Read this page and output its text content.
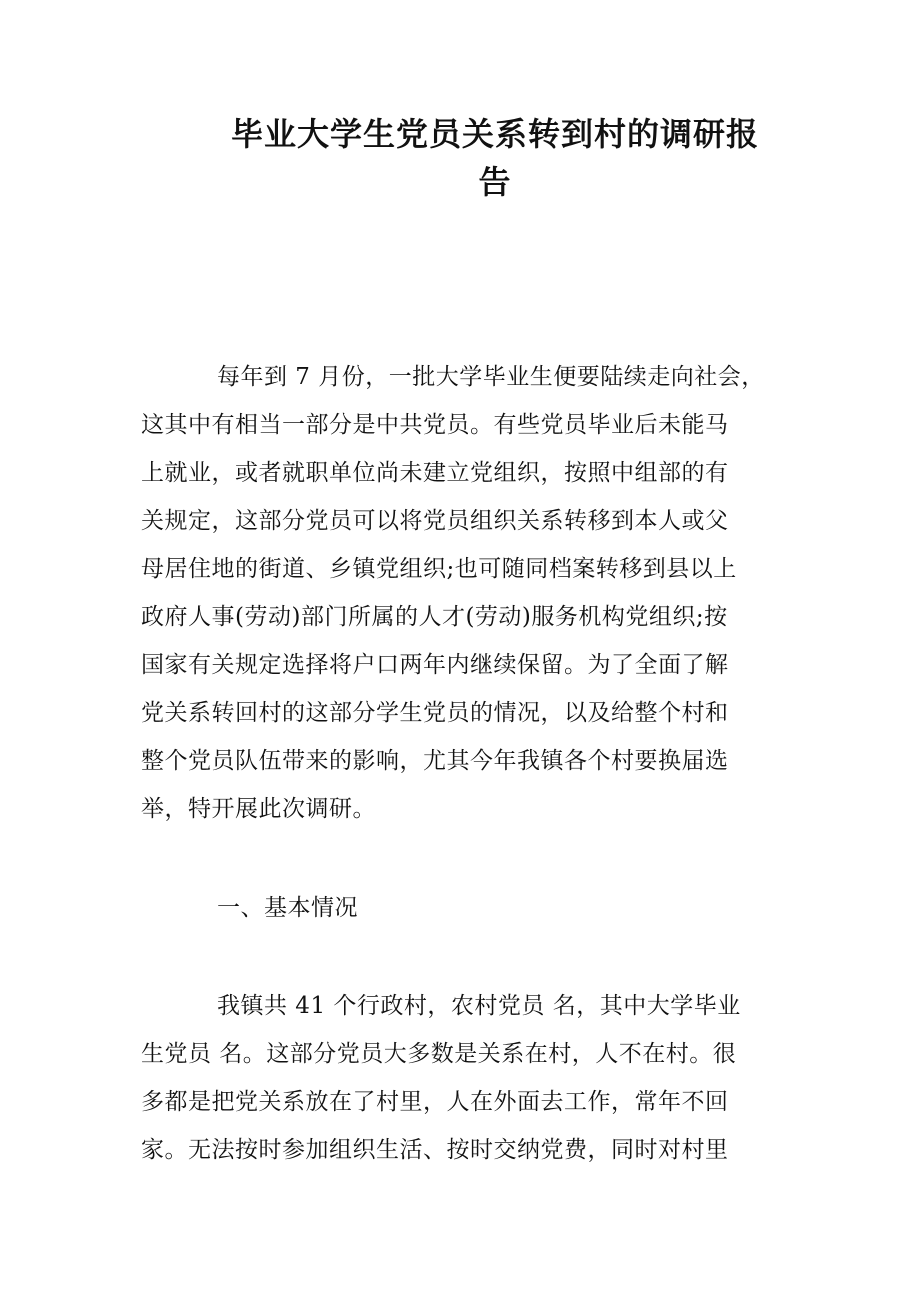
毕业大学生党员关系转到村的调研报告
每年到 7 月份，一批大学毕业生便要陆续走向社会，
这其中有相当一部分是中共党员。有些党员毕业后未能马
上就业，或者就职单位尚未建立党组织，按照中组部的有
关规定，这部分党员可以将党员组织关系转移到本人或父
母居住地的街道、乡镇党组织;也可随同档案转移到县以上
政府人事(劳动)部门所属的人才(劳动)服务机构党组织;按
国家有关规定选择将户口两年内继续保留。为了全面了解
党关系转回村的这部分学生党员的情况，以及给整个村和
整个党员队伍带来的影响，尤其今年我镇各个村要换届选
举，特开展此次调研。
一、基本情况
我镇共 41 个行政村，农村党员 名，其中大学毕业
生党员 名。这部分党员大多数是关系在村，人不在村。很
多都是把党关系放在了村里，人在外面去工作，常年不回
家。无法按时参加组织生活、按时交纳党费，同时对村里
